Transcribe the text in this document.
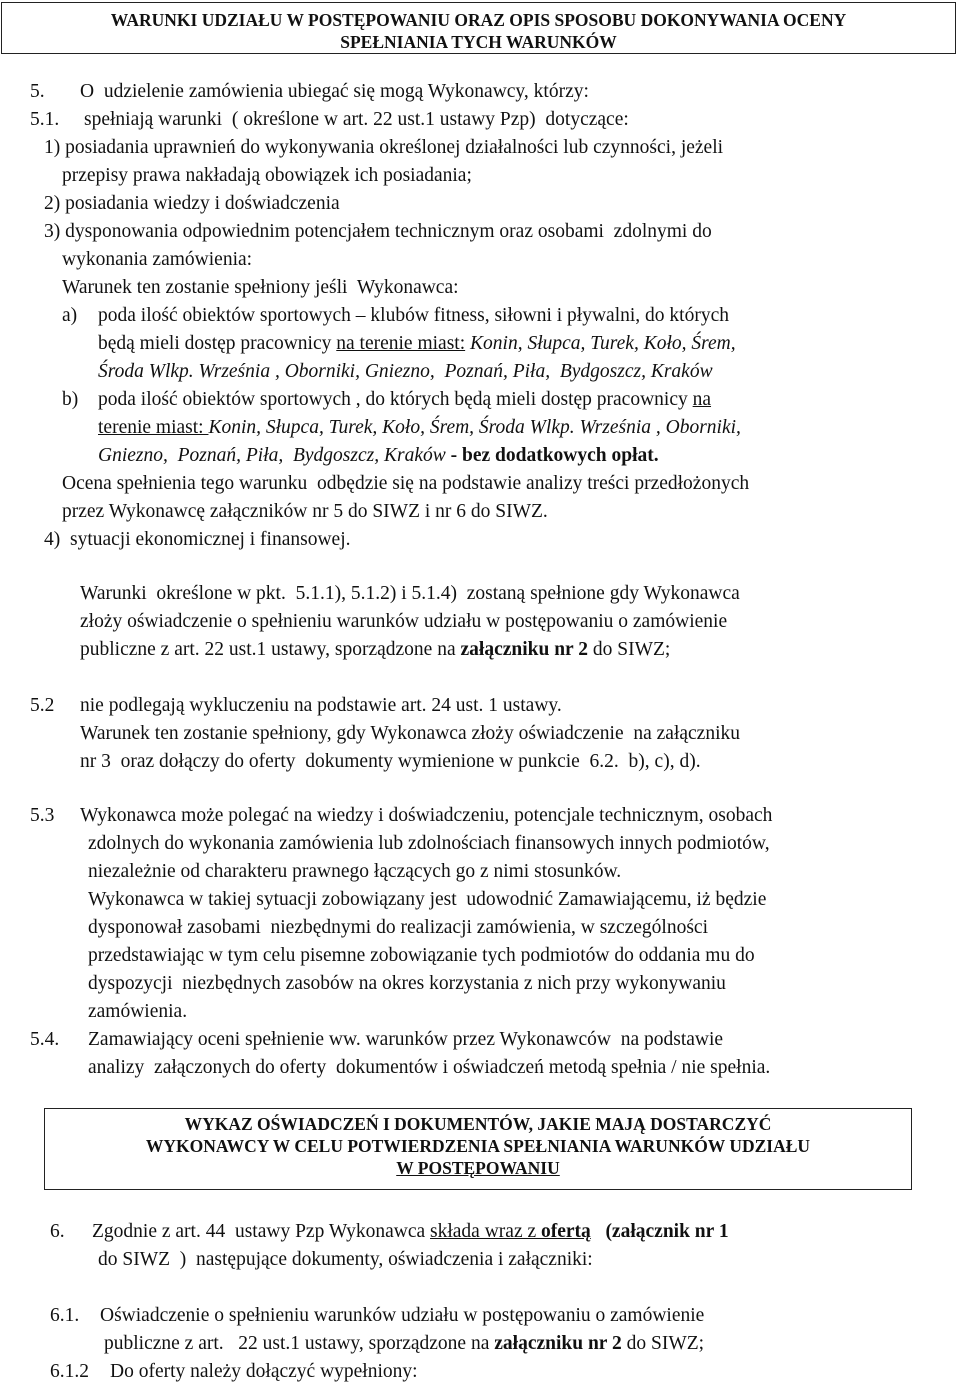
WARUNKI UDZIAŁU W POSTĘPOWANIU ORAZ OPIS SPOSOBU DOKONYWANIA OCENY
SPEŁNIANIA TYCH WARUNKÓW
5. O  udzielenie zamówienia ubiegać się mogą Wykonawcy, którzy:
5.1. spełniają warunki  ( określone w art. 22 ust.1 ustawy Pzp)  dotyczące:
1) posiadania uprawnień do wykonywania określonej działalności lub czynności, jeżeli
przepisy prawa nakładają obowiązek ich posiadania;
2) posiadania wiedzy i doświadczenia
3) dysponowania odpowiednim potencjałem technicznym oraz osobami  zdolnymi do
wykonania zamówienia:
Warunek ten zostanie spełniony jeśli  Wykonawca:
a) poda ilość obiektów sportowych – klubów fitness, siłowni i pływalni, do których
będą mieli dostęp pracownicy na terenie miast: Konin, Słupca, Turek, Koło, Śrem,
Środa Wlkp. Września , Oborniki, Gniezno,  Poznań, Piła,  Bydgoszcz, Kraków
b) poda ilość obiektów sportowych , do których będą mieli dostęp pracownicy na
terenie miast: Konin, Słupca, Turek, Koło, Śrem, Środa Wlkp. Września , Oborniki,
Gniezno,  Poznań, Piła,  Bydgoszcz, Kraków - bez dodatkowych opłat.
Ocena spełnienia tego warunku  odbędzie się na podstawie analizy treści przedłożonych
przez Wykonawcę załączników nr 5 do SIWZ i nr 6 do SIWZ.
4)  sytuacji ekonomicznej i finansowej.
Warunki  określone w pkt.  5.1.1), 5.1.2) i 5.1.4)  zostaną spełnione gdy Wykonawca
złoży oświadczenie o spełnieniu warunków udziału w postępowaniu o zamówienie
publiczne z art. 22 ust.1 ustawy, sporządzone na załączniku nr 2 do SIWZ;
5.2 nie podlegają wykluczeniu na podstawie art. 24 ust. 1 ustawy.
Warunek ten zostanie spełniony, gdy Wykonawca złoży oświadczenie  na załączniku
nr 3  oraz dołączy do oferty  dokumenty wymienione w punkcie  6.2.  b), c), d).
5.3 Wykonawca może polegać na wiedzy i doświadczeniu, potencjale technicznym, osobach
zdolnych do wykonania zamówienia lub zdolnościach finansowych innych podmiotów,
niezależnie od charakteru prawnego łączących go z nimi stosunków.
Wykonawca w takiej sytuacji zobowiązany jest  udowodnić Zamawiającemu, iż będzie
dysponował zasobami  niezbędnymi do realizacji zamówienia, w szczególności
przedstawiając w tym celu pisemne zobowiązanie tych podmiotów do oddania mu do
dyspozycji  niezbędnych zasobów na okres korzystania z nich przy wykonywaniu
zamówienia.
5.4. Zamawiający oceni spełnienie ww. warunków przez Wykonawców  na podstawie
analizy  załączonych do oferty  dokumentów i oświadczeń metodą spełnia / nie spełnia.
WYKAZ OŚWIADCZEŃ I DOKUMENTÓW, JAKIE MAJĄ DOSTARCZYĆ
WYKONAWCY W CELU POTWIERDZENIA SPEŁNIANIA WARUNKÓW UDZIAŁU
W POSTĘPOWANIU
6. Zgodnie z art. 44  ustawy Pzp Wykonawca składa wraz z ofertą   (załącznik nr 1
do SIWZ  )  następujące dokumenty, oświadczenia i załączniki:
6.1. Oświadczenie o spełnieniu warunków udziału w postępowaniu o zamówienie
publiczne z art.   22 ust.1 ustawy, sporządzone na załączniku nr 2 do SIWZ;
6.1.2 Do oferty należy dołączyć wypełniony:
